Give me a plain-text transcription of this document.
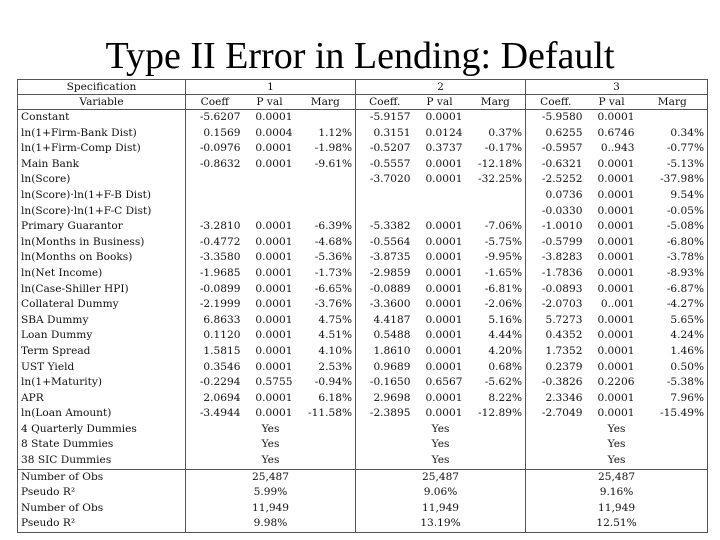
Type II Error in Lending: Default
Specification	1			2			3		
Variable	Coeff	P val	Marg	Coeff.	P val	Marg	Coeff.	P val	Marg
Constant	-5.6207	0.0001		-5.9157	0.0001		-5.9580	0.0001	
ln(1+Firm-Bank Dist)	0.1569	0.0004	1.12%	0.3151	0.0124	0.37%	0.6255	0.6746	0.34%
ln(1+Firm-Comp Dist)	-0.0976	0.0001	-1.98%	-0.5207	0.3737	-0.17%	-0.5957	0..943	-0.77%
Main Bank	-0.8632	0.0001	-9.61%	-0.5557	0.0001	-12.18%	-0.6321	0.0001	-5.13%
ln(Score)				-3.7020	0.0001	-32.25%	-2.5252	0.0001	-37.98%
ln(Score)·ln(1+F-B Dist)							0.0736	0.0001	9.54%
ln(Score)·ln(1+F-C Dist)							-0.0330	0.0001	-0.05%
Primary Guarantor	-3.2810	0.0001	-6.39%	-5.3382	0.0001	-7.06%	-1.0010	0.0001	-5.08%
ln(Months in Business)	-0.4772	0.0001	-4.68%	-0.5564	0.0001	-5.75%	-0.5799	0.0001	-6.80%
ln(Months on Books)	-3.3580	0.0001	-5.36%	-3.8735	0.0001	-9.95%	-3.8283	0.0001	-3.78%
ln(Net Income)	-1.9685	0.0001	-1.73%	-2.9859	0.0001	-1.65%	-1.7836	0.0001	-8.93%
ln(Case-Shiller HPI)	-0.0899	0.0001	-6.65%	-0.0889	0.0001	-6.81%	-0.0893	0.0001	-6.87%
Collateral Dummy	-2.1999	0.0001	-3.76%	-3.3600	0.0001	-2.06%	-2.0703	0..001	-4.27%
SBA Dummy	6.8633	0.0001	4.75%	4.4187	0.0001	5.16%	5.7273	0.0001	5.65%
Loan Dummy	0.1120	0.0001	4.51%	0.5488	0.0001	4.44%	0.4352	0.0001	4.24%
Term Spread	1.5815	0.0001	4.10%	1.8610	0.0001	4.20%	1.7352	0.0001	1.46%
UST Yield	0.3546	0.0001	2.53%	0.9689	0.0001	0.68%	0.2379	0.0001	0.50%
ln(1+Maturity)	-0.2294	0.5755	-0.94%	-0.1650	0.6567	-5.62%	-0.3826	0.2206	-5.38%
APR	2.0694	0.0001	6.18%	2.9698	0.0001	8.22%	2.3346	0.0001	7.96%
ln(Loan Amount)	-3.4944	0.0001	-11.58%	-2.3895	0.0001	-12.89%	-2.7049	0.0001	-15.49%
4 Quarterly Dummies	Yes			Yes			Yes		
8 State Dummies	Yes			Yes			Yes		
38 SIC Dummies	Yes			Yes			Yes		
Number of Obs	25,487			25,487			25,487		
Pseudo R²	5.99%			9.06%			9.16%		
Number of Obs	11,949			11,949			11,949		
Pseudo R²	9.98%			13.19%			12.51%		
